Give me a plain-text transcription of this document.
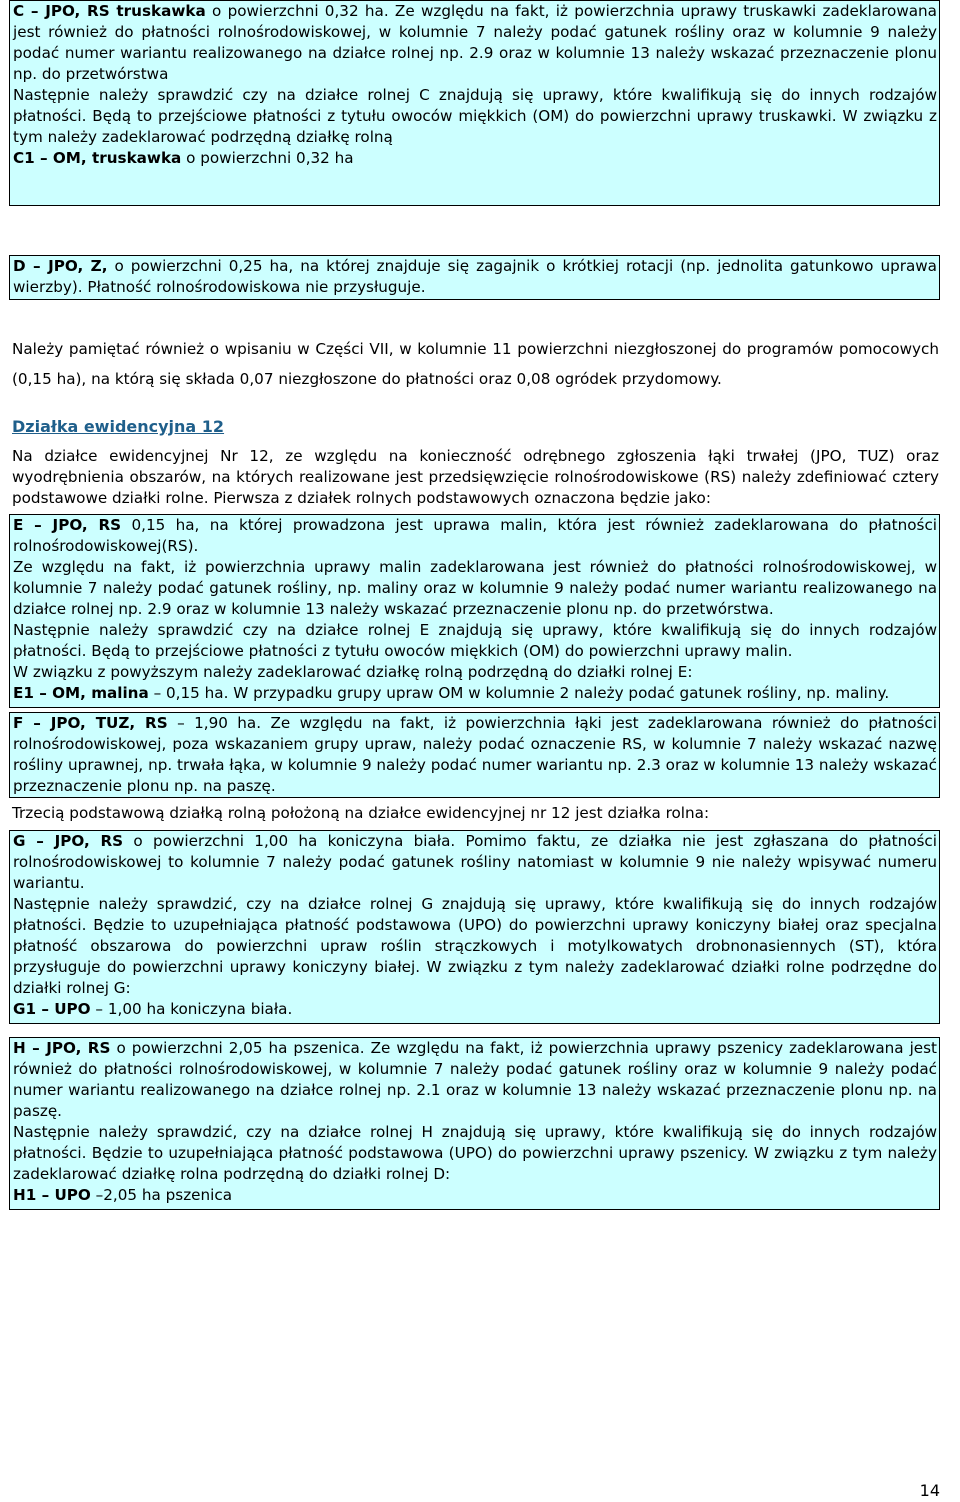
C – JPO, RS truskawka o powierzchni 0,32 ha. Ze względu na fakt, iż powierzchnia uprawy truskawki zadeklarowana jest również do płatności rolnośrodowiskowej, w kolumnie 7 należy podać gatunek rośliny oraz w kolumnie 9 należy podać numer wariantu realizowanego na działce rolnej np. 2.9 oraz w kolumnie 13 należy wskazać przeznaczenie plonu np. do przetwórstwa

Następnie należy sprawdzić czy na działce rolnej C znajdują się uprawy, które kwalifikują się do innych rodzajów płatności. Będą to przejściowe płatności z tytułu owoców miękkich (OM) do powierzchni uprawy truskawki. W związku z tym należy zadeklarować podrzędną działkę rolną

C1 – OM, truskawka o powierzchni 0,32 ha

D – JPO, Z, o powierzchni 0,25 ha, na której znajduje się zagajnik o krótkiej rotacji (np. jednolita gatunkowo uprawa wierzby). Płatność rolnośrodowiskowa nie przysługuje.

Należy pamiętać również o wpisaniu w Części VII, w kolumnie 11 powierzchni niezgłoszonej do programów pomocowych (0,15 ha), na którą się składa 0,07 niezgłoszone do płatności oraz 0,08 ogródek przydomowy.

Działka ewidencyjna 12

Na działce ewidencyjnej Nr 12, ze względu na konieczność odrębnego zgłoszenia łąki trwałej (JPO, TUZ) oraz wyodrębnienia obszarów, na których realizowane jest przedsięwzięcie rolnośrodowiskowe (RS) należy zdefiniować cztery podstawowe działki rolne. Pierwsza z działek rolnych podstawowych oznaczona będzie jako:

E – JPO, RS 0,15 ha, na której prowadzona jest uprawa malin, która jest również zadeklarowana do płatności rolnośrodowiskowej(RS).

Ze względu na fakt, iż powierzchnia uprawy malin zadeklarowana jest również do płatności rolnośrodowiskowej, w kolumnie 7 należy podać gatunek rośliny, np. maliny oraz w kolumnie 9 należy podać numer wariantu realizowanego na działce rolnej np. 2.9 oraz w kolumnie 13 należy wskazać przeznaczenie plonu np. do przetwórstwa.

Następnie należy sprawdzić czy na działce rolnej E znajdują się uprawy, które kwalifikują się do innych rodzajów płatności. Będą to przejściowe płatności z tytułu owoców miękkich (OM) do powierzchni uprawy malin.

W związku z powyższym należy zadeklarować działkę rolną podrzędną do działki rolnej E:

E1 – OM, malina – 0,15 ha. W przypadku grupy upraw OM w kolumnie 2 należy podać gatunek rośliny, np. maliny.

F – JPO, TUZ, RS – 1,90 ha. Ze względu na fakt, iż powierzchnia łąki jest zadeklarowana również do płatności rolnośrodowiskowej, poza wskazaniem grupy upraw, należy podać oznaczenie RS, w kolumnie 7 należy wskazać nazwę rośliny uprawnej, np. trwała łąka, w kolumnie 9 należy podać numer wariantu np. 2.3 oraz w kolumnie 13 należy wskazać przeznaczenie plonu np. na paszę.

Trzecią podstawową działką rolną położoną na działce ewidencyjnej nr 12 jest działka rolna:

G – JPO, RS o powierzchni 1,00 ha koniczyna biała. Pomimo faktu, ze działka nie jest zgłaszana do płatności rolnośrodowiskowej to kolumnie 7 należy podać gatunek rośliny natomiast w kolumnie 9 nie należy wpisywać numeru wariantu.

Następnie należy sprawdzić, czy na działce rolnej G znajdują się uprawy, które kwalifikują się do innych rodzajów płatności. Będzie to uzupełniająca płatność podstawowa (UPO) do powierzchni uprawy koniczyny białej oraz specjalna płatność obszarowa do powierzchni upraw roślin strączkowych i motylkowatych drobnonasiennych (ST), która przysługuje do powierzchni uprawy koniczyny białej. W związku z tym należy zadeklarować działki rolne podrzędne do działki rolnej G:

G1 – UPO – 1,00 ha koniczyna biała.

H – JPO, RS o powierzchni 2,05 ha pszenica. Ze względu na fakt, iż powierzchnia uprawy pszenicy zadeklarowana jest również do płatności rolnośrodowiskowej, w kolumnie 7 należy podać gatunek rośliny oraz w kolumnie 9 należy podać numer wariantu realizowanego na działce rolnej np. 2.1 oraz w kolumnie 13 należy wskazać przeznaczenie plonu np. na paszę.

Następnie należy sprawdzić, czy na działce rolnej H znajdują się uprawy, które kwalifikują się do innych rodzajów płatności. Będzie to uzupełniająca płatność podstawowa (UPO) do powierzchni uprawy pszenicy. W związku z tym należy zadeklarować działkę rolna podrzędną do działki rolnej D:

H1 – UPO –2,05 ha pszenica

14
